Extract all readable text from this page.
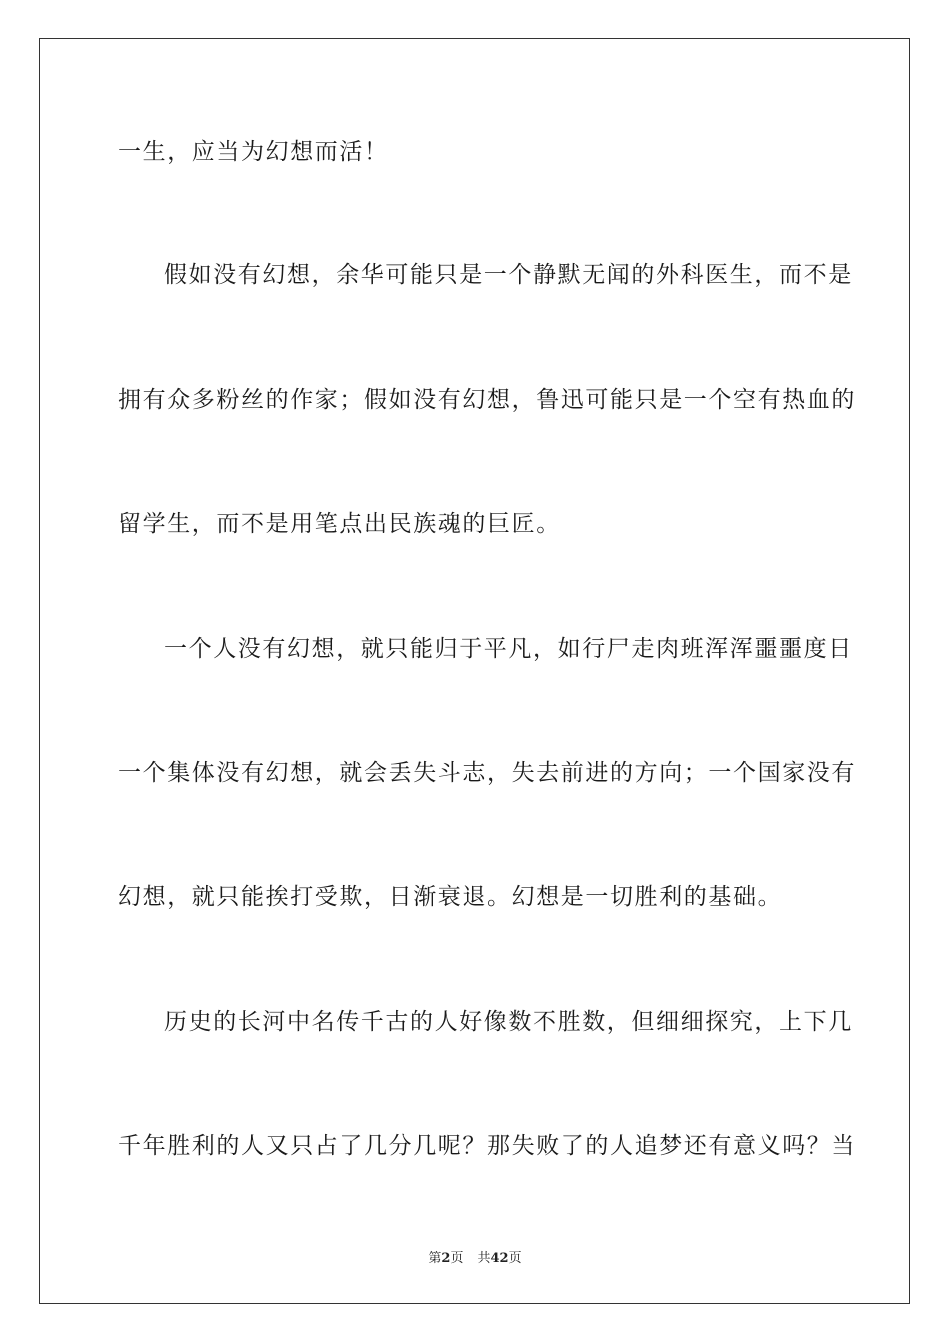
一生，应当为幻想而活！
假如没有幻想，余华可能只是一个静默无闻的外科医生，而不是
拥有众多粉丝的作家；假如没有幻想，鲁迅可能只是一个空有热血的
留学生，而不是用笔点出民族魂的巨匠。
一个人没有幻想，就只能归于平凡，如行尸走肉班浑浑噩噩度日
一个集体没有幻想，就会丢失斗志，失去前进的方向；一个国家没有
幻想，就只能挨打受欺，日渐衰退。幻想是一切胜利的基础。
历史的长河中名传千古的人好像数不胜数，但细细探究，上下几
千年胜利的人又只占了几分几呢？那失败了的人追梦还有意义吗？当
第2页 共42页
